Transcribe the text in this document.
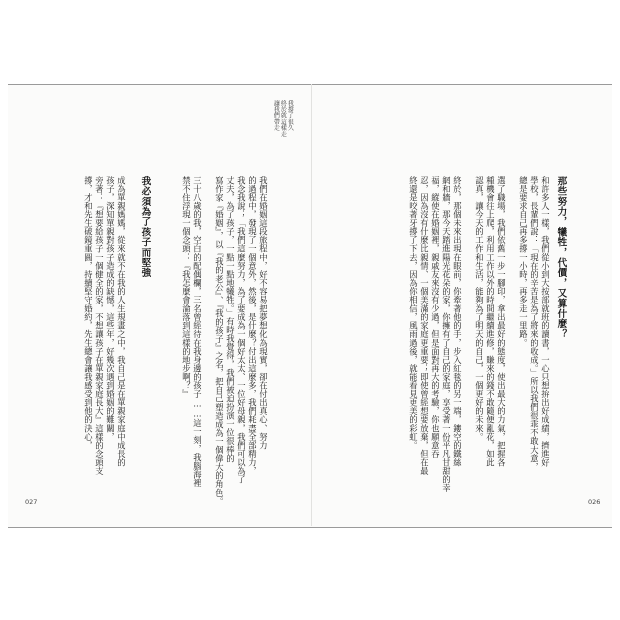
那些努力，犧牲，代價，又算什麼？
和許多人一樣，我們從小到大按部就班的讀書，一心只想拚出好成績，擠進好
學校，長輩們說：「現在的辛苦是為了將來的收成。」所以我們很乖不敢大意，
總是要求自己再多撐一小時，再多走一里路。
選了職場，我們依舊一步一腳印，拿出最好的態度，使出最大的力氣，把握各
種機會往上爬，利用工作以外的時間繼續進修，賺來的錢不敢隨便亂花，如此
認真，讓今天的工作和生活，能夠為了明天的自己，一個更好的未來。
終於，那個未來出現在眼前，你牽著他的手，步入紅毯的另一端，鏤空的鐵絲
網和牆，那今天踏進陽光花朵的家，你擁有了自己的家庭，享受著一份平凡甘甜的幸
福，縱使在婚姻裡，親戚友來沒有少過，但是面對再大的考驗，你也願意吞
忍，因為沒有什麼比親情、一個美滿的家庭更重要；即使曾經想要放棄，但在最
終還是咬著牙撐了下去，因為你相信，風雨過後，就能看見更美的彩虹。
026
我撐了很久
終於就這樣走
讓我們帶走
我們在婚姻這段旅程中，好不容易把夢想化為現實，卻在付出真心、努力
的過程中，發現了一個意外，然後，是什麼？付出這麼多，我們耗盡全部精力，
我念我說；「我們這麼努力，為了要成為一個好太太、一位好母親，我們可以為了
丈夫，為了孩子，一點一點地犧牲。」有時我覺得，我們被迫扮演一位很棒的
寫作家『婚姻』，以『我的老公』、『我的孩子』之名，把自己塑造成為一個偉大的角色。
三十八歲的我，空白的配偶欄，三名曾經待在我身邊的孩子……這一刻，我腦海裡
禁不住浮現一個念頭：『我怎麼會淪落到這樣的地步啊？』
我必須為了孩子而堅強
成為單親媽媽，從來就不在我的人生規畫之中，我自己是在單親家庭中成長的
孩子，深知單親對孩子造成的缺憾，這些年，好幾次遇到婚姻的難關，
旁著：『想要給孩子一個健全的家，不想讓孩子在單親家庭長大』這樣的念頭支
撐，才和先生破鏡重圓，持續堅守婚約，先生總會讓我感受到他的決心，
027
